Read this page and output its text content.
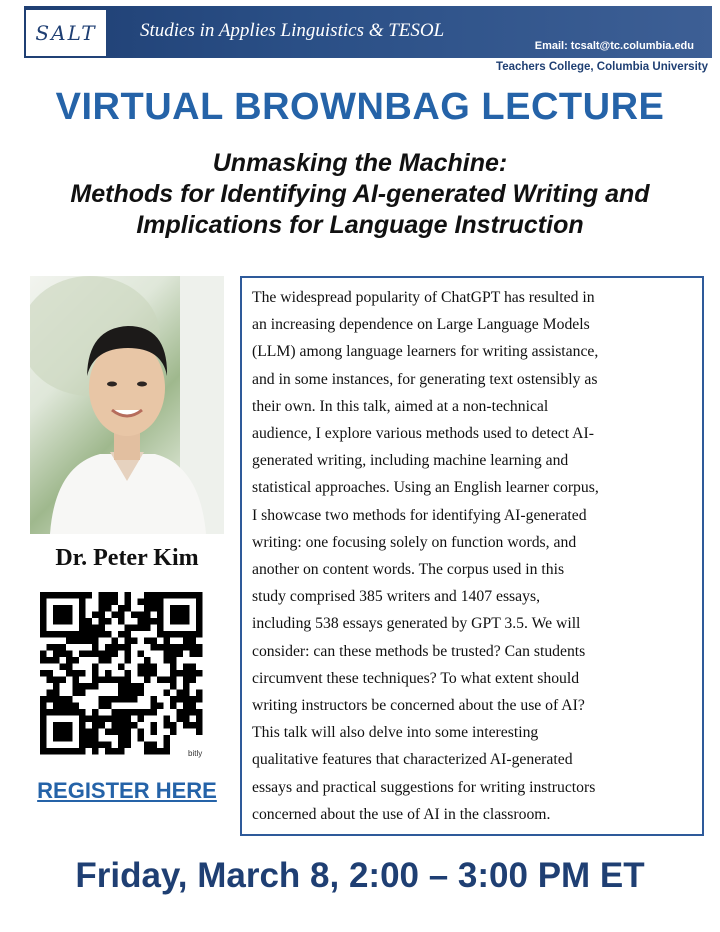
Studies in Applies Linguistics & TESOL
Email: tcsalt@tc.columbia.edu
SALT
Teachers College, Columbia University
VIRTUAL BROWNBAG LECTURE
Unmasking the Machine:
Methods for Identifying AI-generated Writing and
Implications for Language Instruction
Dr. Peter Kim
bitly
REGISTER HERE
The widespread popularity of ChatGPT has resulted in
an increasing dependence on Large Language Models
(LLM) among language learners for writing assistance,
and in some instances, for generating text ostensibly as
their own. In this talk, aimed at a non-technical
audience, I explore various methods used to detect AI-
generated writing, including machine learning and
statistical approaches. Using an English learner corpus,
I showcase two methods for identifying AI-generated
writing: one focusing solely on function words, and
another on content words. The corpus used in this
study comprised 385 writers and 1407 essays,
including 538 essays generated by GPT 3.5. We will
consider: can these methods be trusted? Can students
circumvent these techniques? To what extent should
writing instructors be concerned about the use of AI?
This talk will also delve into some interesting
qualitative features that characterized AI-generated
essays and practical suggestions for writing instructors
concerned about the use of AI in the classroom.
Friday, March 8, 2:00 – 3:00 PM ET
